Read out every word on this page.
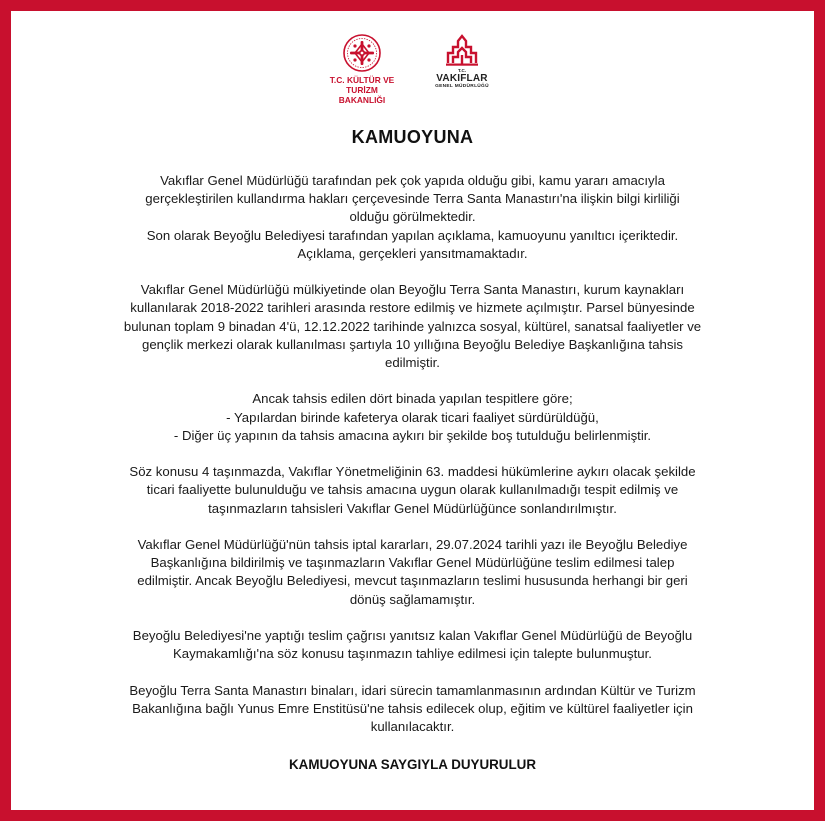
T.C. KÜLTÜR VE TURİZM
BAKANLIĞI
T.C.
VAKIFLAR
GENEL MÜDÜRLÜĞÜ
KAMUOYUNA
Vakıflar Genel Müdürlüğü tarafından pek çok yapıda olduğu gibi, kamu yararı amacıyla
gerçekleştirilen kullandırma hakları çerçevesinde Terra Santa Manastırı'na ilişkin bilgi kirliliği
olduğu görülmektedir.
Son olarak Beyoğlu Belediyesi tarafından yapılan açıklama, kamuoyunu yanıltıcı içeriktedir.
Açıklama, gerçekleri yansıtmamaktadır.
Vakıflar Genel Müdürlüğü mülkiyetinde olan Beyoğlu Terra Santa Manastırı, kurum kaynakları
kullanılarak 2018-2022 tarihleri arasında restore edilmiş ve hizmete açılmıştır. Parsel bünyesinde
bulunan toplam 9 binadan 4'ü, 12.12.2022 tarihinde yalnızca sosyal, kültürel, sanatsal faaliyetler ve
gençlik merkezi olarak kullanılması şartıyla 10 yıllığına Beyoğlu Belediye Başkanlığına tahsis
edilmiştir.
Ancak tahsis edilen dört binada yapılan tespitlere göre;
- Yapılardan birinde kafeterya olarak ticari faaliyet sürdürüldüğü,
- Diğer üç yapının da tahsis amacına aykırı bir şekilde boş tutulduğu belirlenmiştir.
Söz konusu 4 taşınmazda, Vakıflar Yönetmeliğinin 63. maddesi hükümlerine aykırı olacak şekilde
ticari faaliyette bulunulduğu ve tahsis amacına uygun olarak kullanılmadığı tespit edilmiş ve
taşınmazların tahsisleri Vakıflar Genel Müdürlüğünce sonlandırılmıştır.
Vakıflar Genel Müdürlüğü'nün tahsis iptal kararları, 29.07.2024 tarihli yazı ile Beyoğlu Belediye
Başkanlığına bildirilmiş ve taşınmazların Vakıflar Genel Müdürlüğüne teslim edilmesi talep
edilmiştir. Ancak Beyoğlu Belediyesi, mevcut taşınmazların teslimi hususunda herhangi bir geri
dönüş sağlamamıştır.
Beyoğlu Belediyesi'ne yaptığı teslim çağrısı yanıtsız kalan Vakıflar Genel Müdürlüğü de Beyoğlu
Kaymakamlığı'na söz konusu taşınmazın tahliye edilmesi için talepte bulunmuştur.
Beyoğlu Terra Santa Manastırı binaları, idari sürecin tamamlanmasının ardından Kültür ve Turizm
Bakanlığına bağlı Yunus Emre Enstitüsü'ne tahsis edilecek olup, eğitim ve kültürel faaliyetler için
kullanılacaktır.
KAMUOYUNA SAYGIYLA DUYURULUR
